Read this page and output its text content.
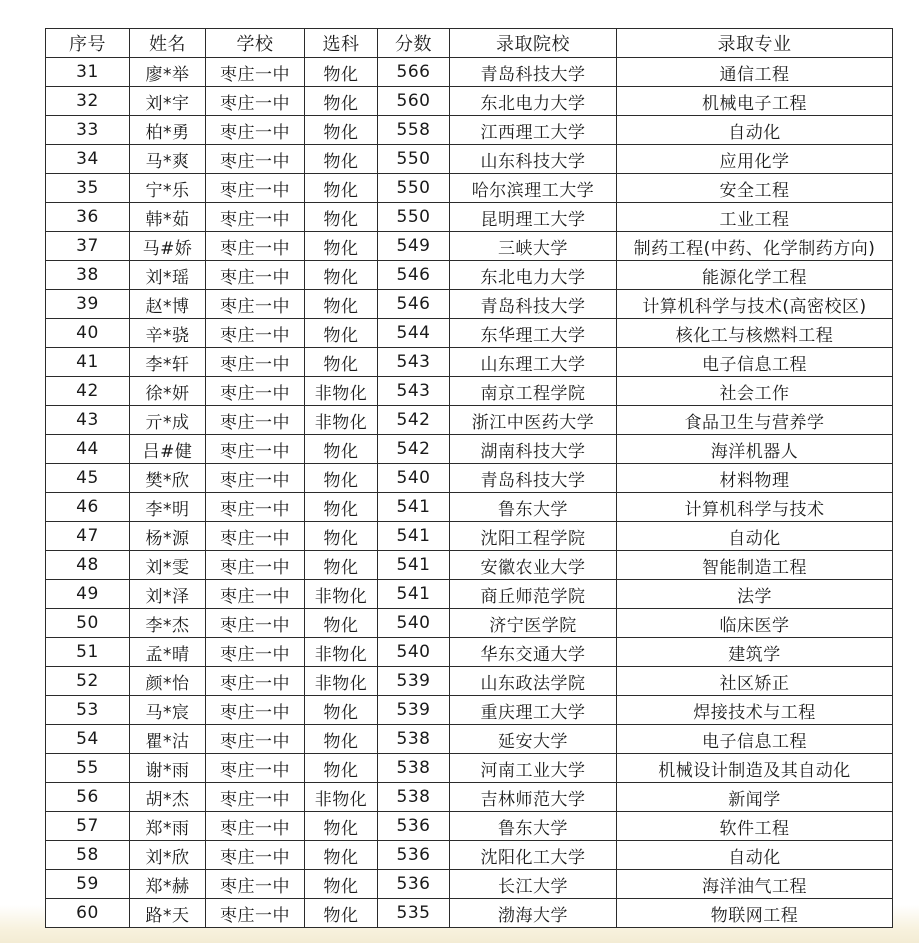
序号	姓名	学校	选科	分数	录取院校	录取专业
31	廖*举	枣庄一中	物化	566	青岛科技大学	通信工程
32	刘*宇	枣庄一中	物化	560	东北电力大学	机械电子工程
33	柏*勇	枣庄一中	物化	558	江西理工大学	自动化
34	马*爽	枣庄一中	物化	550	山东科技大学	应用化学
35	宁*乐	枣庄一中	物化	550	哈尔滨理工大学	安全工程
36	韩*茹	枣庄一中	物化	550	昆明理工大学	工业工程
37	马#娇	枣庄一中	物化	549	三峡大学	制药工程(中药、化学制药方向)
38	刘*瑶	枣庄一中	物化	546	东北电力大学	能源化学工程
39	赵*博	枣庄一中	物化	546	青岛科技大学	计算机科学与技术(高密校区)
40	辛*骁	枣庄一中	物化	544	东华理工大学	核化工与核燃料工程
41	李*轩	枣庄一中	物化	543	山东理工大学	电子信息工程
42	徐*妍	枣庄一中	非物化	543	南京工程学院	社会工作
43	亓*成	枣庄一中	非物化	542	浙江中医药大学	食品卫生与营养学
44	吕#健	枣庄一中	物化	542	湖南科技大学	海洋机器人
45	樊*欣	枣庄一中	物化	540	青岛科技大学	材料物理
46	李*明	枣庄一中	物化	541	鲁东大学	计算机科学与技术
47	杨*源	枣庄一中	物化	541	沈阳工程学院	自动化
48	刘*雯	枣庄一中	物化	541	安徽农业大学	智能制造工程
49	刘*泽	枣庄一中	非物化	541	商丘师范学院	法学
50	李*杰	枣庄一中	物化	540	济宁医学院	临床医学
51	孟*晴	枣庄一中	非物化	540	华东交通大学	建筑学
52	颜*怡	枣庄一中	非物化	539	山东政法学院	社区矫正
53	马*宸	枣庄一中	物化	539	重庆理工大学	焊接技术与工程
54	瞿*沽	枣庄一中	物化	538	延安大学	电子信息工程
55	谢*雨	枣庄一中	物化	538	河南工业大学	机械设计制造及其自动化
56	胡*杰	枣庄一中	非物化	538	吉林师范大学	新闻学
57	郑*雨	枣庄一中	物化	536	鲁东大学	软件工程
58	刘*欣	枣庄一中	物化	536	沈阳化工大学	自动化
59	郑*赫	枣庄一中	物化	536	长江大学	海洋油气工程
60	路*天	枣庄一中	物化	535	渤海大学	物联网工程
